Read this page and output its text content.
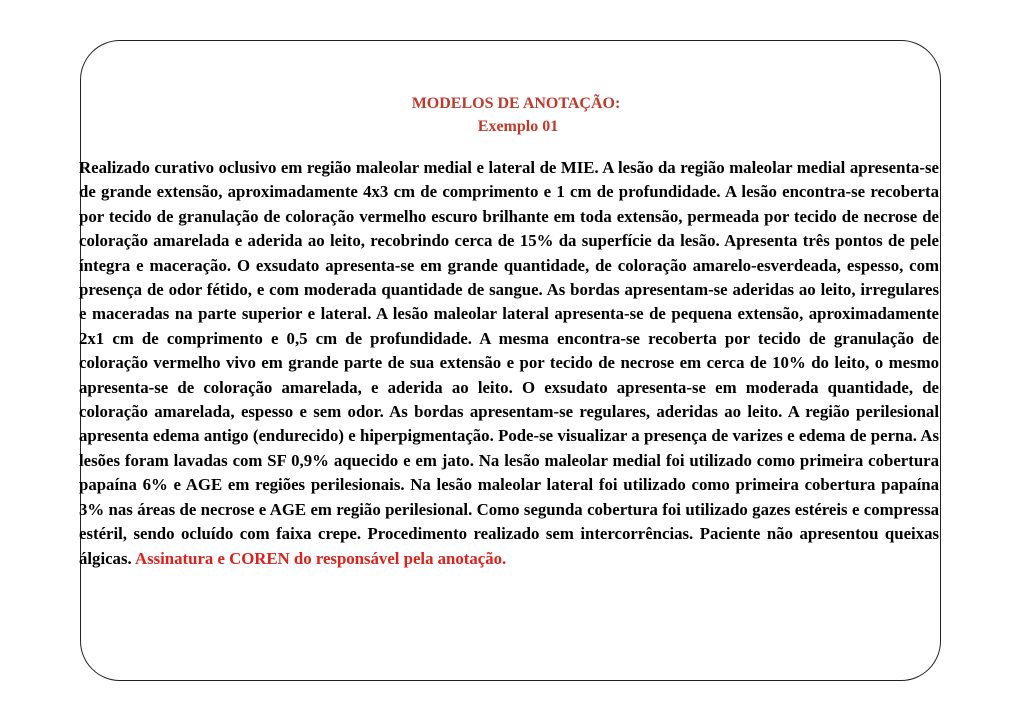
MODELOS DE ANOTAÇÃO:
Exemplo 01

Realizado curativo oclusivo em região maleolar medial e lateral de MIE. A lesão da região maleolar medial apresenta-se de grande extensão, aproximadamente 4x3 cm de comprimento e 1 cm de profundidade. A lesão encontra-se recoberta por tecido de granulação de coloração vermelho escuro brilhante em toda extensão, permeada por tecido de necrose de coloração amarelada e aderida ao leito, recobrindo cerca de 15% da superfície da lesão. Apresenta três pontos de pele íntegra e maceração. O exsudato apresenta-se em grande quantidade, de coloração amarelo-esverdeada, espesso, com presença de odor fétido, e com moderada quantidade de sangue. As bordas apresentam-se aderidas ao leito, irregulares e maceradas na parte superior e lateral. A lesão maleolar lateral apresenta-se de pequena extensão, aproximadamente 2x1 cm de comprimento e 0,5 cm de profundidade. A mesma encontra-se recoberta por tecido de granulação de coloração vermelho vivo em grande parte de sua extensão e por tecido de necrose em cerca de 10% do leito, o mesmo apresenta-se de coloração amarelada, e aderida ao leito. O exsudato apresenta-se em moderada quantidade, de coloração amarelada, espesso e sem odor. As bordas apresentam-se regulares, aderidas ao leito. A região perilesional apresenta edema antigo (endurecido) e hiperpigmentação. Pode-se visualizar a presença de varizes e edema de perna. As lesões foram lavadas com SF 0,9% aquecido e em jato. Na lesão maleolar medial foi utilizado como primeira cobertura papaína 6% e AGE em regiões perilesionais. Na lesão maleolar lateral foi utilizado como primeira cobertura papaína 3% nas áreas de necrose e AGE em região perilesional. Como segunda cobertura foi utilizado gazes estéreis e compressa estéril, sendo ocluído com faixa crepe. Procedimento realizado sem intercorrências. Paciente não apresentou queixas álgicas. Assinatura e COREN do responsável pela anotação.
